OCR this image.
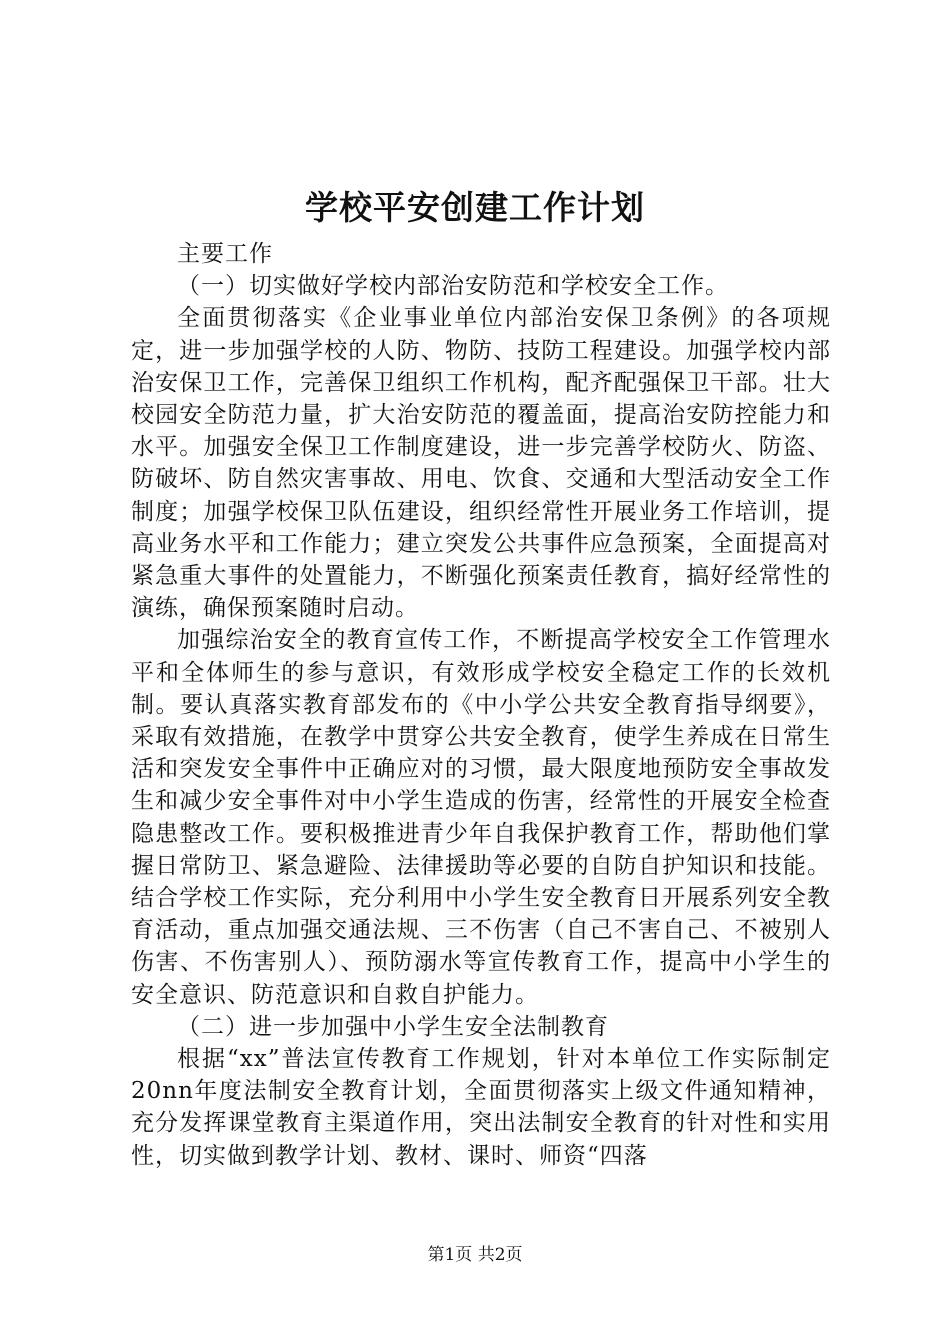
学校平安创建工作计划

主要工作

（一）切实做好学校内部治安防范和学校安全工作。

全面贯彻落实《企业事业单位内部治安保卫条例》的各项规定，进一步加强学校的人防、物防、技防工程建设。加强学校内部治安保卫工作，完善保卫组织工作机构，配齐配强保卫干部。壮大校园安全防范力量，扩大治安防范的覆盖面，提高治安防控能力和水平。加强安全保卫工作制度建设，进一步完善学校防火、防盗、防破坏、防自然灾害事故、用电、饮食、交通和大型活动安全工作制度；加强学校保卫队伍建设，组织经常性开展业务工作培训，提高业务水平和工作能力；建立突发公共事件应急预案，全面提高对紧急重大事件的处置能力，不断强化预案责任教育，搞好经常性的演练，确保预案随时启动。

加强综治安全的教育宣传工作，不断提高学校安全工作管理水平和全体师生的参与意识，有效形成学校安全稳定工作的长效机制。要认真落实教育部发布的《中小学公共安全教育指导纲要》，采取有效措施，在教学中贯穿公共安全教育，使学生养成在日常生活和突发安全事件中正确应对的习惯，最大限度地预防安全事故发生和减少安全事件对中小学生造成的伤害，经常性的开展安全检查隐患整改工作。要积极推进青少年自我保护教育工作，帮助他们掌握日常防卫、紧急避险、法律援助等必要的自防自护知识和技能。结合学校工作实际，充分利用中小学生安全教育日开展系列安全教育活动，重点加强交通法规、三不伤害（自己不害自己、不被别人伤害、不伤害别人）、预防溺水等宣传教育工作，提高中小学生的安全意识、防范意识和自救自护能力。

（二）进一步加强中小学生安全法制教育

根据“xx”普法宣传教育工作规划，针对本单位工作实际制定20nn年度法制安全教育计划，全面贯彻落实上级文件通知精神，充分发挥课堂教育主渠道作用，突出法制安全教育的针对性和实用性，切实做到教学计划、教材、课时、师资“四落

第1页 共2页
